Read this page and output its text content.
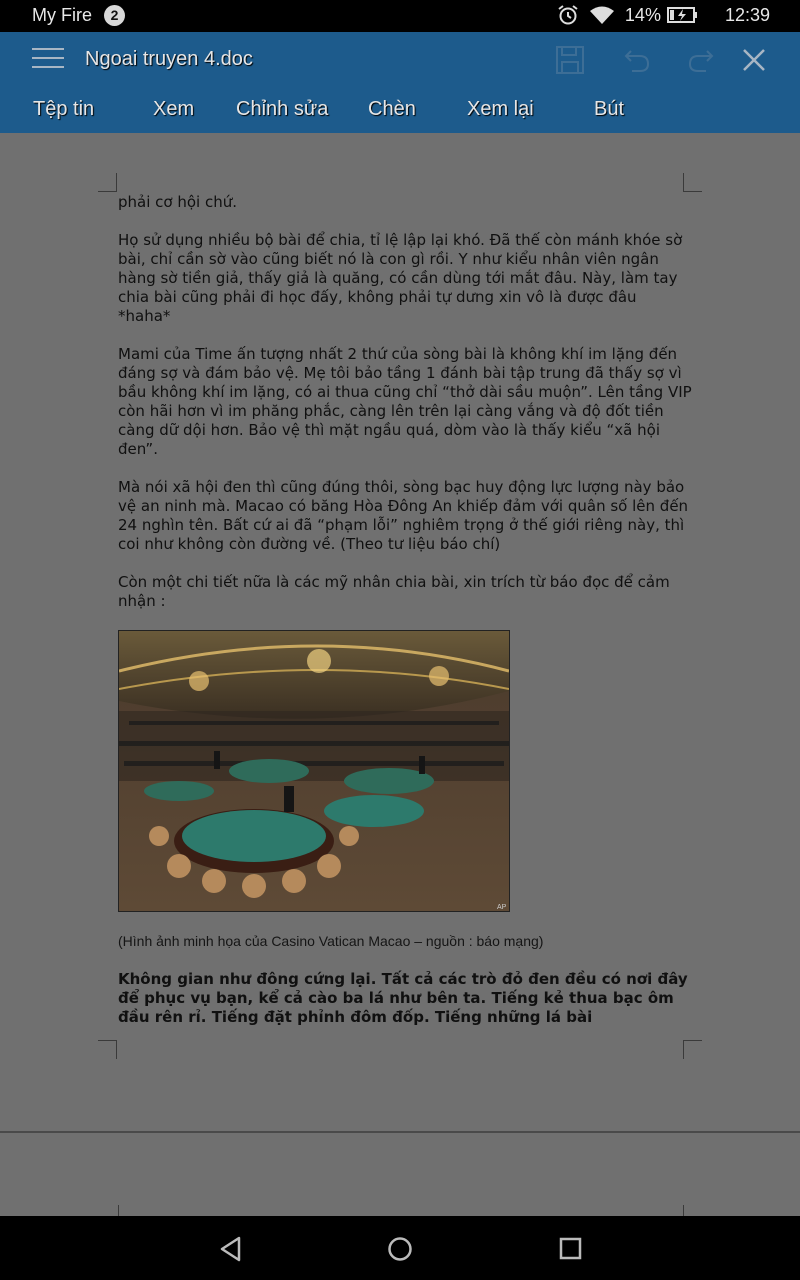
My Fire	2	14%	12:39
Ngoai truyen 4.doc
Tệp tin	Xem Chỉnh sửa Chèn	Xem lại	Bút

phải cơ hội chứ.

Họ sử dụng nhiều bộ bài để chia, tỉ lệ lập lại khó. Đã thế còn mánh khóe sờ bài, chỉ cần sờ vào cũng biết nó là con gì rồi. Y như kiểu nhân viên ngân hàng sờ tiền giả, thấy giả là quăng, có cần dùng tới mắt đâu. Này, làm tay chia bài cũng phải đi học đấy, không phải tự dưng xin vô là được đâu *haha*

Mami của Time ấn tượng nhất 2 thứ của sòng bài là không khí im lặng đến đáng sợ và đám bảo vệ. Mẹ tôi bảo tầng 1 đánh bài tập trung đã thấy sợ vì bầu không khí im lặng, có ai thua cũng chỉ “thở dài sầu muộn”. Lên tầng VIP còn hãi hơn vì im phăng phắc, càng lên trên lại càng vắng và độ đốt tiền càng dữ dội hơn. Bảo vệ thì mặt ngầu quá, dòm vào là thấy kiểu “xã hội đen”.

Mà nói xã hội đen thì cũng đúng thôi, sòng bạc huy động lực lượng này bảo vệ an ninh mà. Macao có băng Hòa Đông An khiếp đảm với quân số lên đến 24 nghìn tên. Bất cứ ai đã “phạm lỗi” nghiêm trọng ở thế giới riêng này, thì coi như không còn đường về. (Theo tư liệu báo chí)

Còn một chi tiết nữa là các mỹ nhân chia bài, xin trích từ báo đọc để cảm nhận :

AP

(Hình ảnh minh họa của Casino Vatican Macao – nguồn : báo mạng)

Không gian như đông cứng lại. Tất cả các trò đỏ đen đều có nơi đây để phục vụ bạn, kể cả cào ba lá như bên ta. Tiếng kẻ thua bạc ôm đầu rên rỉ. Tiếng đặt phỉnh đôm đốp. Tiếng những lá bài
